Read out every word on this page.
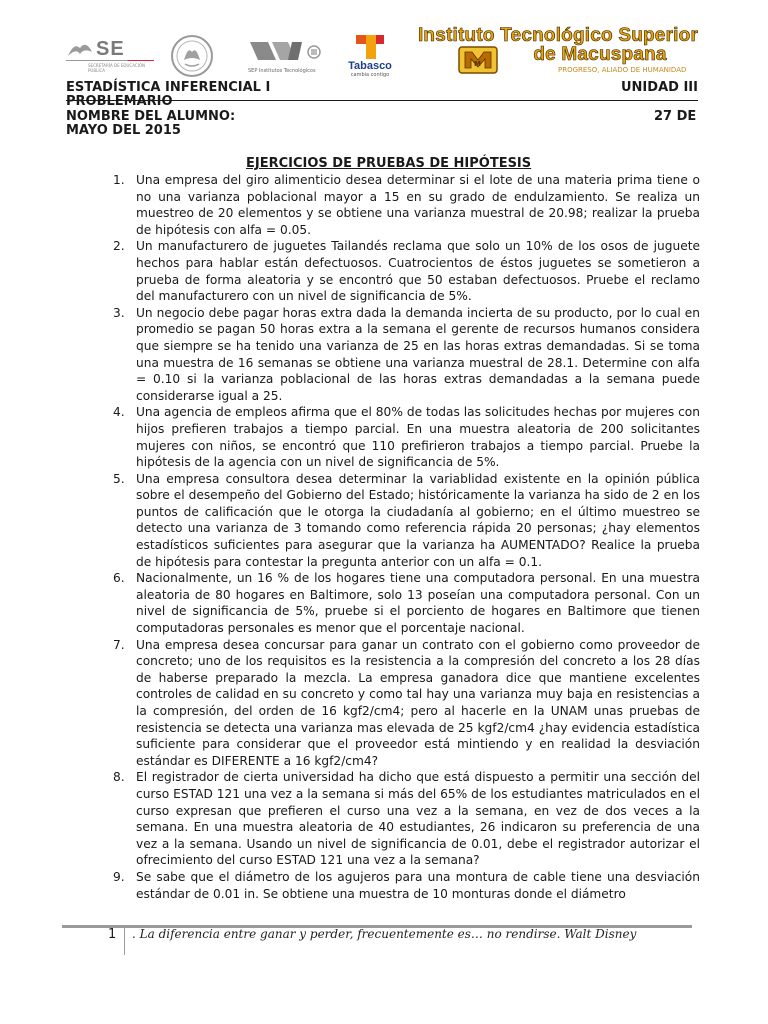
SE
SECRETARÍA DE EDUCACIÓN PÚBLICA	SEP Institutos Tecnológicos	Tabasco
cambia contigo
Instituto Tecnológico Superior
de Macuspana
M
PROGRESO, ALIADO DE HUMANIDAD
ESTADÍSTICA INFERENCIAL I	UNIDAD III
PROBLEMARIO
NOMBRE DEL ALUMNO:	27 DE
MAYO DEL 2015
EJERCICIOS DE PRUEBAS DE HIPÓTESIS
1. Una empresa del giro alimenticio desea determinar si el lote de una materia prima tiene o no una varianza poblacional mayor a 15 en su grado de endulzamiento. Se realiza un muestreo de 20 elementos y se obtiene una varianza muestral de 20.98; realizar la prueba de hipótesis con alfa = 0.05.
2. Un manufacturero de juguetes Tailandés reclama que solo un 10% de los osos de juguete hechos para hablar están defectuosos. Cuatrocientos de éstos juguetes se sometieron a prueba de forma aleatoria y se encontró que 50 estaban defectuosos. Pruebe el reclamo del manufacturero con un nivel de significancia de 5%.
3. Un negocio debe pagar horas extra dada la demanda incierta de su producto, por lo cual en promedio se pagan 50 horas extra a la semana el gerente de recursos humanos considera que siempre se ha tenido una varianza de 25 en las horas extras demandadas. Si se toma una muestra de 16 semanas se obtiene una varianza muestral de 28.1. Determine con alfa = 0.10 si la varianza poblacional de las horas extras demandadas a la semana puede considerarse igual a 25.
4. Una agencia de empleos afirma que el 80% de todas las solicitudes hechas por mujeres con hijos prefieren trabajos a tiempo parcial. En una muestra aleatoria de 200 solicitantes mujeres con niños, se encontró que 110 prefirieron trabajos a tiempo parcial. Pruebe la hipótesis de la agencia con un nivel de significancia de 5%.
5. Una empresa consultora desea determinar la variablidad existente en la opinión pública sobre el desempeño del Gobierno del Estado; históricamente la varianza ha sido de 2 en los puntos de calificación que le otorga la ciudadanía al gobierno; en el último muestreo se detecto una varianza de 3 tomando como referencia rápida 20 personas; ¿hay elementos estadísticos suficientes para asegurar que la varianza ha AUMENTADO? Realice la prueba de hipótesis para contestar la pregunta anterior con un alfa = 0.1.
6. Nacionalmente, un 16 % de los hogares tiene una computadora personal. En una muestra aleatoria de 80 hogares en Baltimore, solo 13 poseían una computadora personal. Con un nivel de significancia de 5%, pruebe si el porciento de hogares en Baltimore que tienen computadoras personales es menor que el porcentaje nacional.
7. Una empresa desea concursar para ganar un contrato con el gobierno como proveedor de concreto; uno de los requisitos es la resistencia a la compresión del concreto a los 28 días de haberse preparado la mezcla. La empresa ganadora dice que mantiene excelentes controles de calidad en su concreto y como tal hay una varianza muy baja en resistencias a la compresión, del orden de 16 kgf2/cm4; pero al hacerle en la UNAM unas pruebas de resistencia se detecta una varianza mas elevada de 25 kgf2/cm4 ¿hay evidencia estadística suficiente para considerar que el proveedor está mintiendo y en realidad la desviación estándar es DIFERENTE a 16 kgf2/cm4?
8. El registrador de cierta universidad ha dicho que está dispuesto a permitir una sección del curso ESTAD 121 una vez a la semana si más del 65% de los estudiantes matriculados en el curso expresan que prefieren el curso una vez a la semana, en vez de dos veces a la semana. En una muestra aleatoria de 40 estudiantes, 26 indicaron su preferencia de una vez a la semana. Usando un nivel de significancia de 0.01, debe el registrador autorizar el ofrecimiento del curso ESTAD 121 una vez a la semana?
9. Se sabe que el diámetro de los agujeros para una montura de cable tiene una desviación estándar de 0.01 in. Se obtiene una muestra de 10 monturas donde el diámetro
1 . La diferencia entre ganar y perder, frecuentemente es… no rendirse. Walt Disney
